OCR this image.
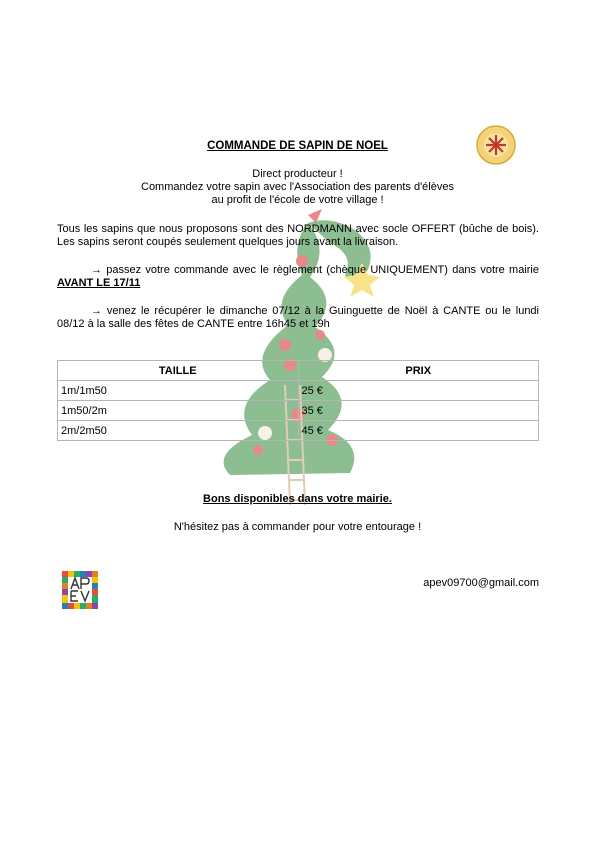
COMMANDE DE SAPIN DE NOEL
Direct producteur !
Commandez votre sapin avec l'Association des parents d'élèves
au profit de l'école de votre village !
Tous les sapins que nous proposons sont des NORDMANN avec socle OFFERT (bûche de bois). Les sapins seront coupés seulement quelques jours avant la livraison.
→ passez votre commande avec le règlement (chèque UNIQUEMENT) dans votre mairie AVANT LE 17/11
→ venez le récupérer le dimanche 07/12 à la Guinguette de Noël à CANTE ou le lundi 08/12 à la salle des fêtes de CANTE entre 16h45 et 19h
TAILLE	PRIX
1m/1m50	25 €
1m50/2m	35 €
2m/2m50	45 €
Bons disponibles dans votre mairie.
N'hésitez pas à commander pour votre entourage !
apev09700@gmail.com
